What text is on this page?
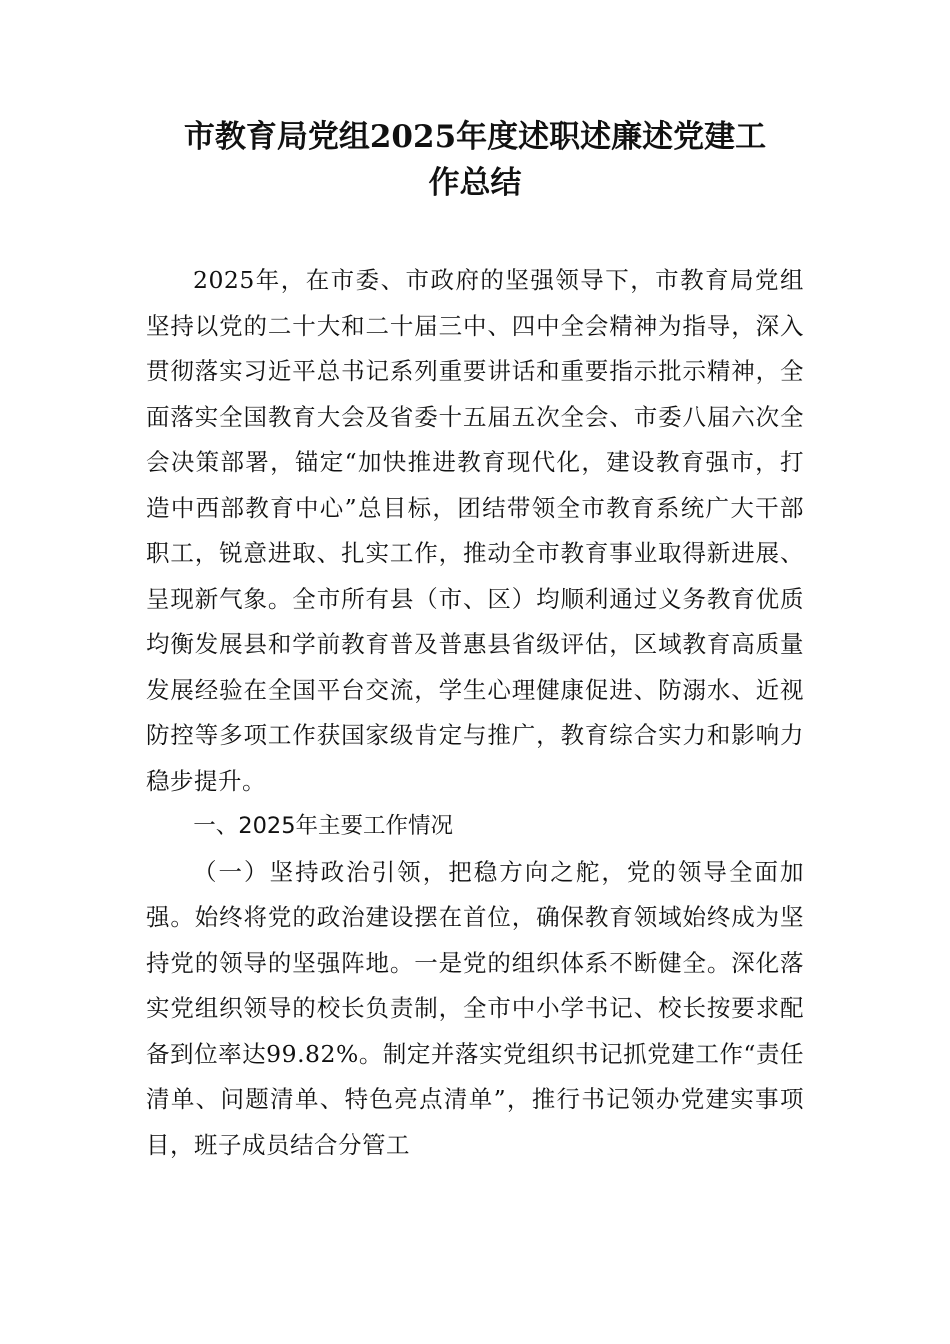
市教育局党组2025年度述职述廉述党建工
作总结

2025年，在市委、市政府的坚强领导下，市教育局党组坚持以党的二十大和二十届三中、四中全会精神为指导，深入贯彻落实习近平总书记系列重要讲话和重要指示批示精神，全面落实全国教育大会及省委十五届五次全会、市委八届六次全会决策部署，锚定“加快推进教育现代化，建设教育强市，打造中西部教育中心”总目标，团结带领全市教育系统广大干部职工，锐意进取、扎实工作，推动全市教育事业取得新进展、呈现新气象。全市所有县（市、区）均顺利通过义务教育优质均衡发展县和学前教育普及普惠县省级评估，区域教育高质量发展经验在全国平台交流，学生心理健康促进、防溺水、近视防控等多项工作获国家级肯定与推广，教育综合实力和影响力稳步提升。

一、2025年主要工作情况

（一）坚持政治引领，把稳方向之舵，党的领导全面加强。始终将党的政治建设摆在首位，确保教育领域始终成为坚持党的领导的坚强阵地。一是党的组织体系不断健全。深化落实党组织领导的校长负责制，全市中小学书记、校长按要求配备到位率达99.82%。制定并落实党组织书记抓党建工作“责任清单、问题清单、特色亮点清单”，推行书记领办党建实事项目，班子成员结合分管工
